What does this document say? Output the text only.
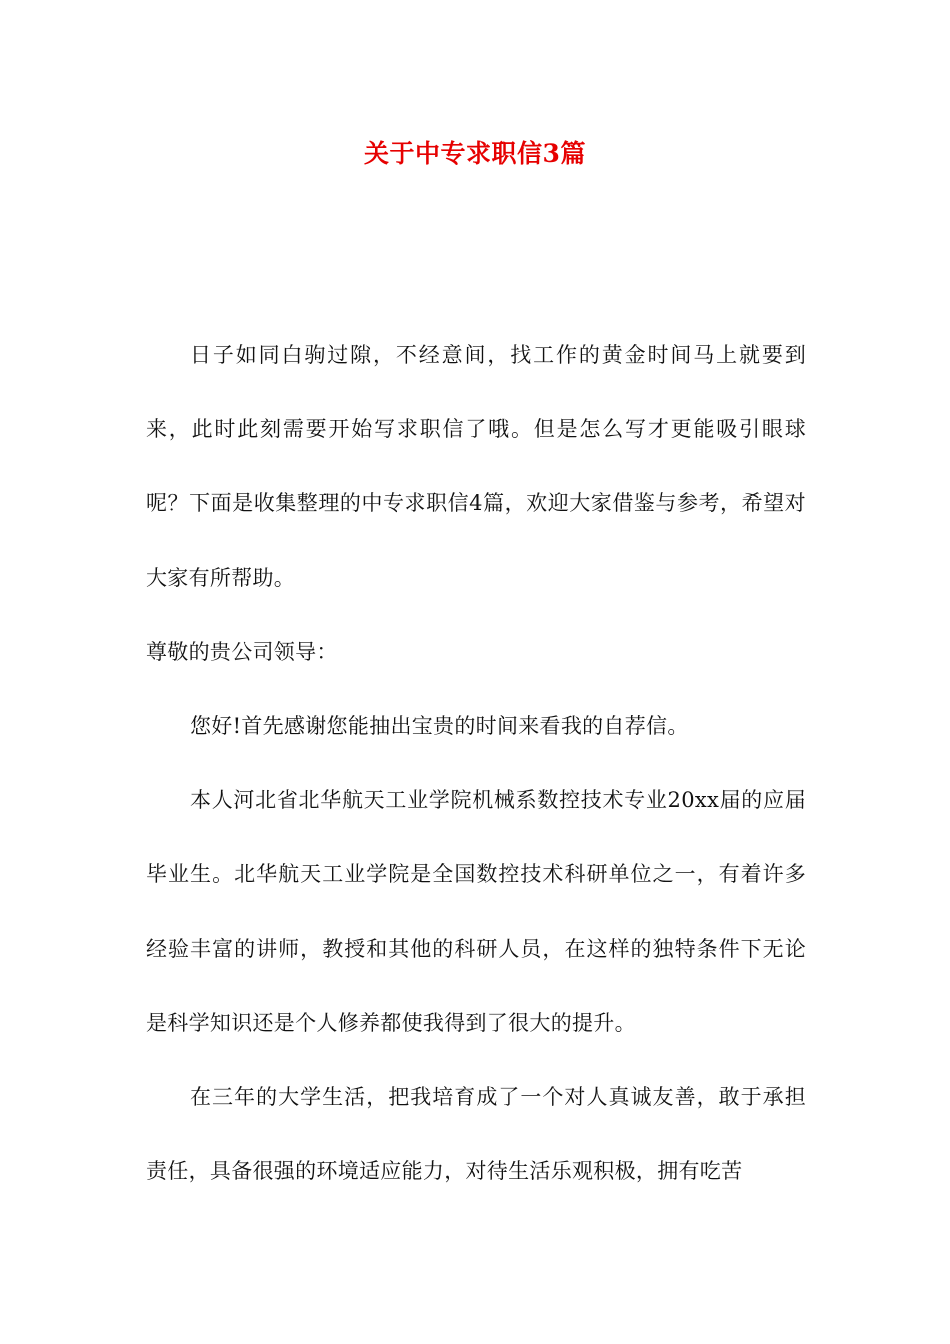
关于中专求职信3篇

日子如同白驹过隙，不经意间，找工作的黄金时间马上就要到来，此时此刻需要开始写求职信了哦。但是怎么写才更能吸引眼球呢？下面是收集整理的中专求职信4篇，欢迎大家借鉴与参考，希望对大家有所帮助。

尊敬的贵公司领导：

您好!首先感谢您能抽出宝贵的时间来看我的自荐信。

本人河北省北华航天工业学院机械系数控技术专业20xx届的应届毕业生。北华航天工业学院是全国数控技术科研单位之一，有着许多经验丰富的讲师，教授和其他的科研人员，在这样的独特条件下无论是科学知识还是个人修养都使我得到了很大的提升。

在三年的大学生活，把我培育成了一个对人真诚友善，敢于承担责任，具备很强的环境适应能力，对待生活乐观积极，拥有吃苦
